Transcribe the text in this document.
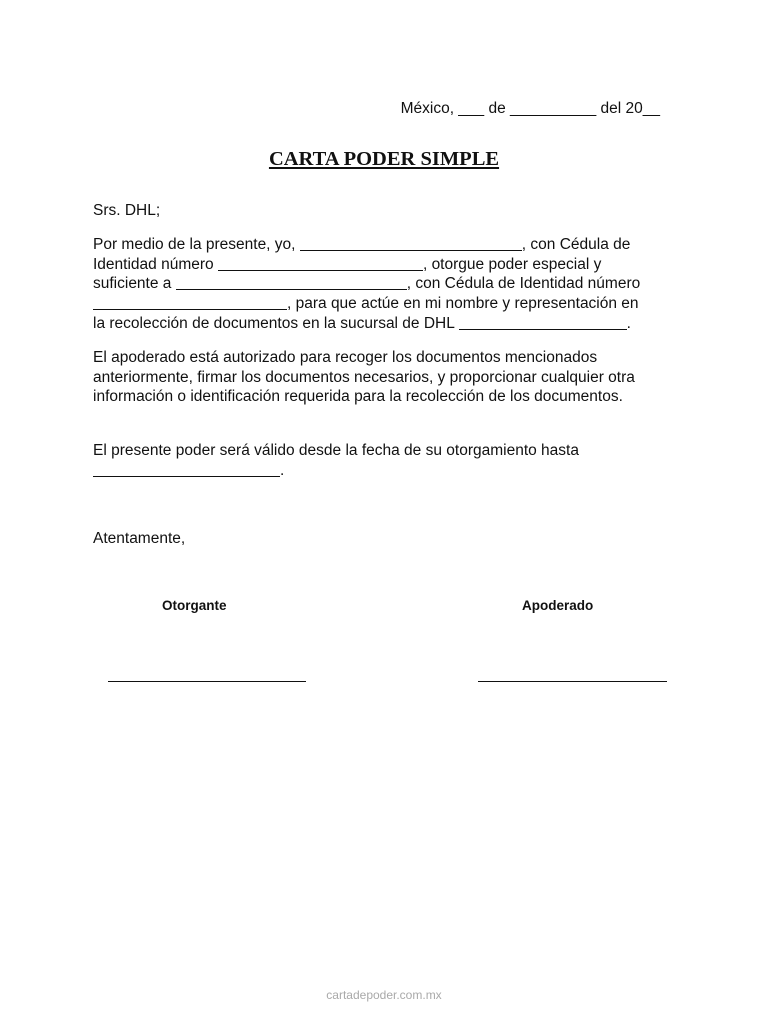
México, ___ de __________ del 20__
CARTA PODER SIMPLE
Srs. DHL;
Por medio de la presente, yo,	, con Cédula de
Identidad número	, otorgue poder especial y
suficiente a	, con Cédula de Identidad número
, para que actúe en mi nombre y representación en
la recolección de documentos en la sucursal de DHL	.

El apoderado está autorizado para recoger los documentos mencionados anteriormente, firmar los documentos necesarios, y proporcionar cualquier otra información o identificación requerida para la recolección de los documentos.

El presente poder será válido desde la fecha de su otorgamiento hasta
.
Atentamente,
Otorgante	Apoderado
cartadepoder.com.mx
